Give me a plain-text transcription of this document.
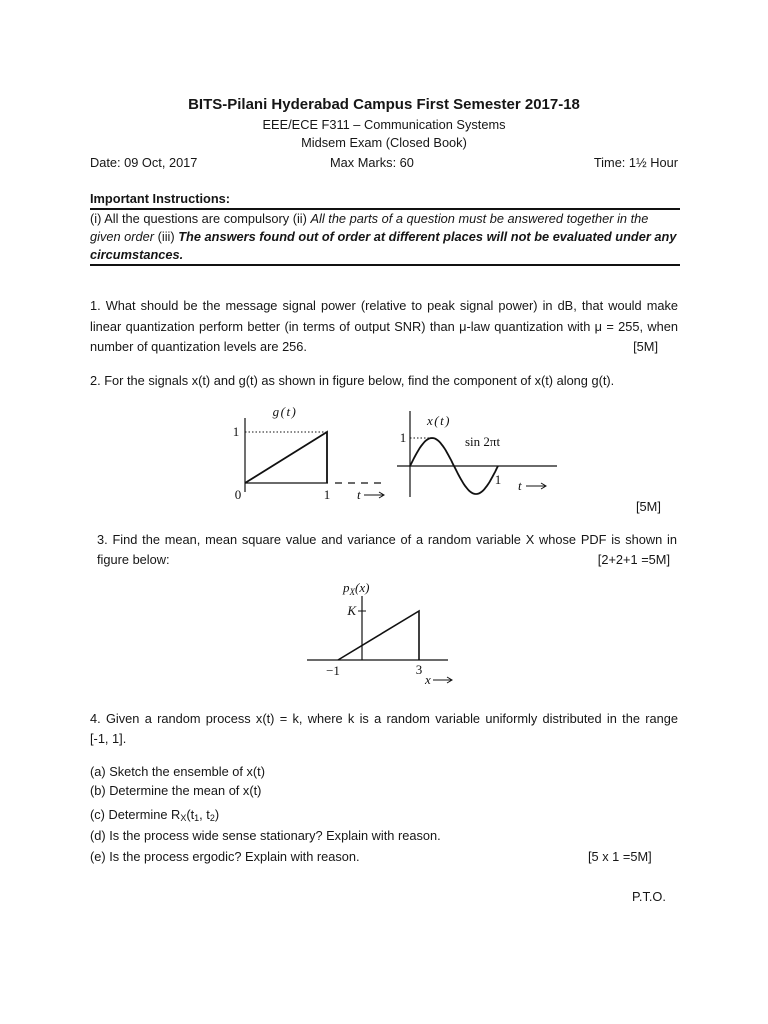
BITS-Pilani Hyderabad Campus First Semester 2017-18
EEE/ECE F311 – Communication Systems
Midsem Exam (Closed Book)
Date: 09 Oct, 2017	Max Marks: 60	Time: 1½ Hour
Important Instructions:
(i) All the questions are compulsory (ii) All the parts of a question must be answered together in the given order (iii) The answers found out of order at different places will not be evaluated under any circumstances.
1. What should be the message signal power (relative to peak signal power) in dB, that would make linear quantization perform better (in terms of output SNR) than μ-law quantization with μ = 255, when number of quantization levels are 256.	[5M]
2. For the signals x(t) and g(t) as shown in figure below, find the component of x(t) along g(t).
g(t)
1
0	1 t
x(t)
1	sin 2πt
1 t
[5M]
3. Find the mean, mean square value and variance of a random variable X whose PDF is shown in figure below:	[2+2+1 =5M]
$p_X(x)$
K
−1	3
x
4. Given a random process x(t) = k, where k is a random variable uniformly distributed in the range [-1, 1].
(a) Sketch the ensemble of x(t)
(b) Determine the mean of x(t)
(c) Determine $R_X(t_1$, $t_2$)
(d) Is the process wide sense stationary? Explain with reason.
(e) Is the process ergodic? Explain with reason.	[5 x 1 =5M]
P.T.O.
